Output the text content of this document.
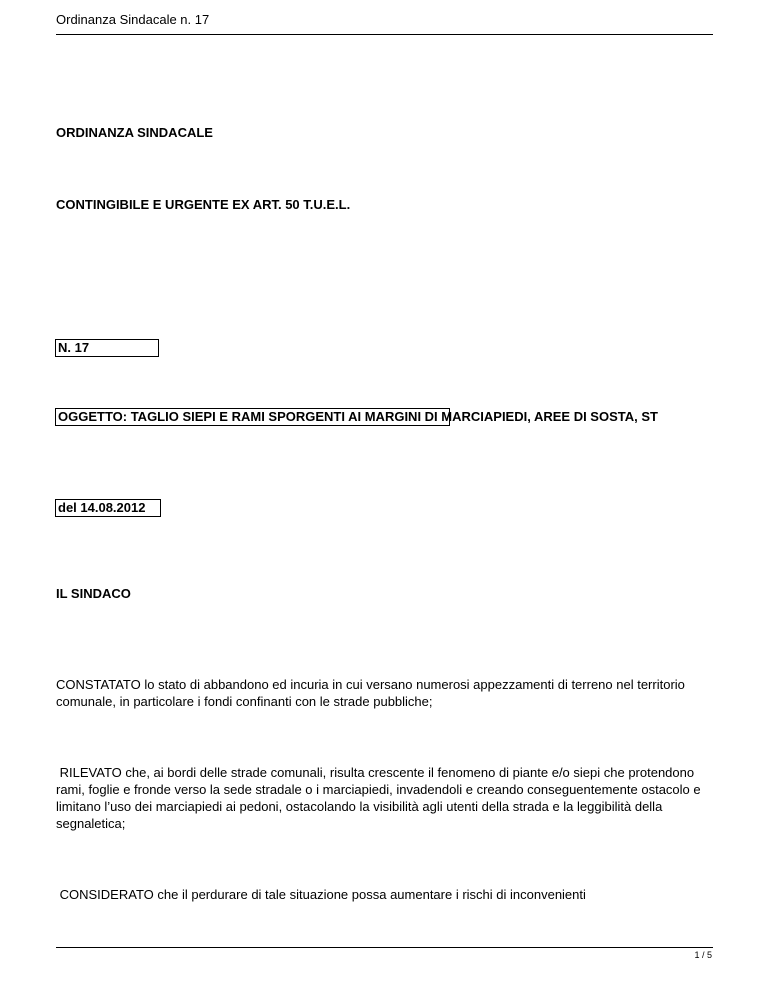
Ordinanza Sindacale n. 17
ORDINANZA SINDACALE
CONTINGIBILE E URGENTE EX ART. 50 T.U.E.L.
N. 17
OGGETTO: TAGLIO SIEPI E RAMI SPORGENTI AI MARGINI DI MARCIAPIEDI, AREE DI SOSTA, ST
del 14.08.2012
IL SINDACO
CONSTATATO lo stato di abbandono ed incuria in cui versano numerosi appezzamenti di terreno nel territorio comunale, in particolare i fondi confinanti con le strade pubbliche;
RILEVATO che, ai bordi delle strade comunali, risulta crescente il fenomeno di piante e/o siepi che protendono rami, foglie e fronde verso la sede stradale o i marciapiedi, invadendoli e creando conseguentemente ostacolo e limitano l’uso dei marciapiedi ai pedoni, ostacolando la visibilità agli utenti della strada e la leggibilità della segnaletica;
CONSIDERATO che il perdurare di tale situazione possa aumentare i rischi di inconvenienti
1 / 5
